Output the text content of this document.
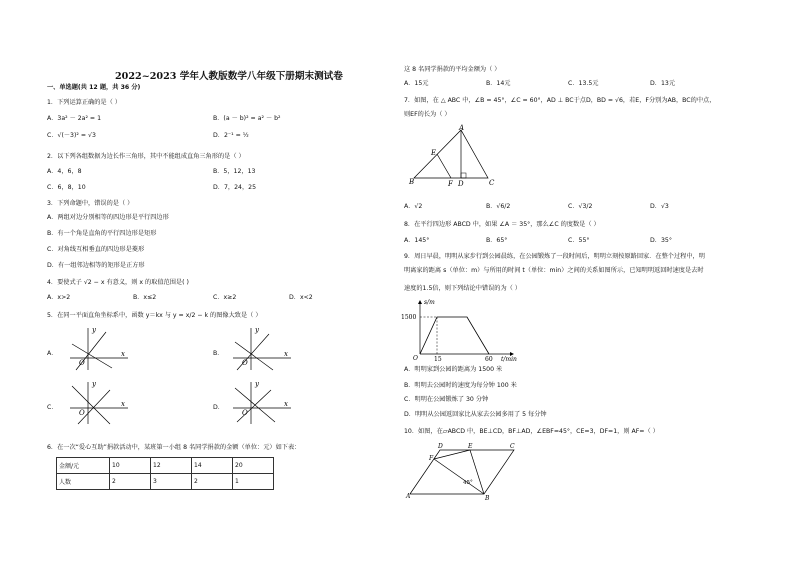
2022~2023 学年人教版数学八年级下册期末测试卷
一、单选题(共 12 题，共 36 分)
1．下列运算正确的是（ ）
A．3a² － 2a² = 1	B．(a － b)² = a² － b²
C．√(－3)² = √3	D．2⁻¹ = ½
2．以下列各组数据为边长作三角形，其中不能组成直角三角形的是（ ）
A．4，6，8	B．5，12，13
C．6，8，10	D．7，24，25
3．下列命题中，错误的是（ ）
A．两组对边分别相等的四边形是平行四边形
B．有一个角是直角的平行四边形是矩形
C．对角线互相垂直的四边形是菱形
D．有一组邻边相等的矩形是正方形
4．要使式子 √2 − x 有意义，则 x 的取值范围是( )
A．x>2	B．x≤2	C．x≥2	D．x<2
5．在同一平面直角坐标系中，函数 y＝kx 与 y = x/2 − k 的图像大致是（ ）
A．	B．
C．	D．
y
x
O
y
x
O
y
x
O
y
x
O
6．在一次“爱心互助”捐款活动中，某班第一小组 8 名同学捐款的金额（单位：元）如下表：
金额/元	10	12	14	20
人数	2	3	2	1
这 8 名同学捐款的平均金额为（ ）
A．15元	B．14元	C．13.5元	D．13元
7．如图，在 △ ABC 中，∠B = 45°，∠C = 60°，AD ⊥ BC于点D，BD = √6，若E，F分别为AB，BC的中点，
则EF的长为（ ）
A
B	C
D
E
F
A．√2	B．√6/2	C．√3/2	D．√3
8．在平行四边形 ABCD 中，如果 ∠A ＝ 35°，那么∠C 的度数是（ ）
A．145°	B．65°	C．55°	D．35°
9．周日早晨，明明从家步行到公园晨练，在公园锻炼了一段时间后，明明立刻按原路回家．在整个过程中，明
明离家的距离 s（单位：m）与所用的时间 t（单位：min）之间的关系如图所示，已知明明返回时速度是去时
速度的1.5倍，则下列结论中错误的为（ ）
s/m
t/min
O
1500
15	60
A．明明家到公园的距离为 1500 米
B．明明去公园时的速度为每分钟 100 米
C．明明在公园锻炼了 30 分钟
D．明明从公园返回家比从家去公园多用了 5 每分钟
10．如图，在▱ABCD 中，BE⊥CD，BF⊥AD，∠EBF=45°，CE=3，DF=1，则 AF=（ ）
A	B
C
D	E
F
45°
